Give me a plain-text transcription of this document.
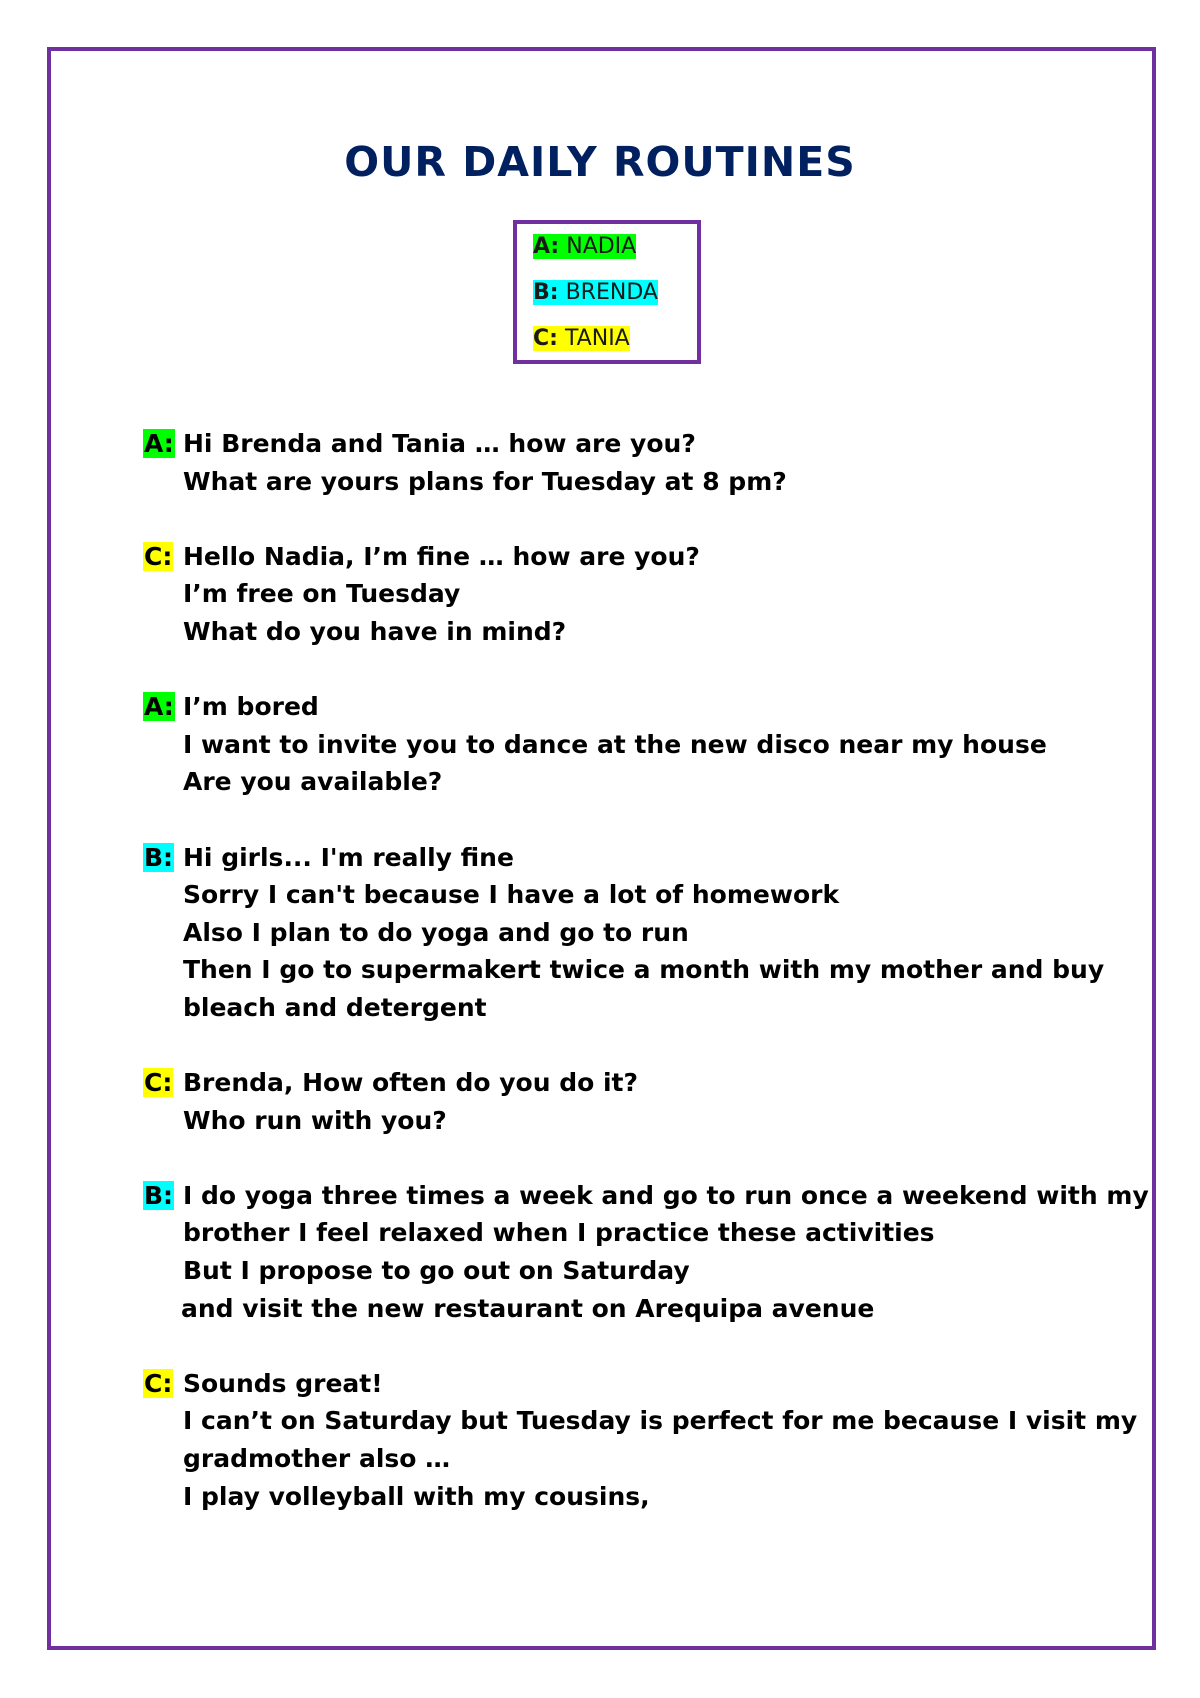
OUR DAILY ROUTINES
A: NADIA
B: BRENDA
C: TANIA
A: Hi Brenda and Tania … how are you?
What are yours plans for Tuesday at 8 pm?
C: Hello Nadia, I’m fine … how are you?
I’m free on Tuesday
What do you have in mind?
A: I’m bored
I want to invite you to dance at the new disco near my house
Are you available?
B: Hi girls... I'm really fine
Sorry I can't because I have a lot of homework
Also I plan to do yoga and go to run
Then I go to supermakert twice a month with my mother and buy
bleach and detergent
C: Brenda, How often do you do it?
Who run with you?
B: I do yoga three times a week and go to run once a weekend with my
brother I feel relaxed when I practice these activities
But I propose to go out on Saturday
and visit the new restaurant on Arequipa avenue
C: Sounds great!
I can’t on Saturday but Tuesday is perfect for me because I visit my
gradmother also …
I play volleyball with my cousins,
